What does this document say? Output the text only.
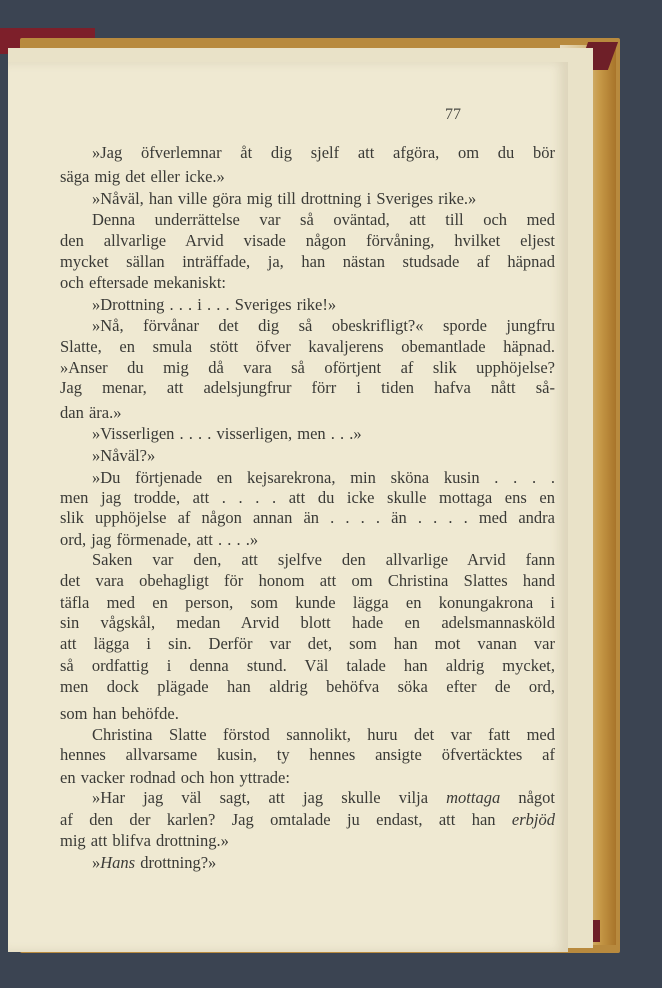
77
»Jag öfverlemnar åt dig sjelf att afgöra, om du bör
säga mig det eller icke.»
»Nåväl, han ville göra mig till drottning i Sveriges rike.»
Denna underrättelse var så oväntad, att till och med
den allvarlige Arvid visade någon förvåning, hvilket eljest
mycket sällan inträffade, ja, han nästan studsade af häpnad
och eftersade mekaniskt:
»Drottning . . . i . . . Sveriges rike!»
»Nå, förvånar det dig så obeskrifligt?« sporde jungfru
Slatte, en smula stött öfver kavaljerens obemantlade häpnad.
»Anser du mig då vara så oförtjent af slik upphöjelse?
Jag menar, att adelsjungfrur förr i tiden hafva nått så-
dan ära.»
»Visserligen . . . . visserligen, men . . .»
»Nåväl?»
»Du förtjenade en kejsarekrona, min sköna kusin . . . .
men jag trodde, att . . . . att du icke skulle mottaga ens en
slik upphöjelse af någon annan än . . . . än . . . . med andra
ord, jag förmenade, att . . . .»
Saken var den, att sjelfve den allvarlige Arvid fann
det vara obehagligt för honom att om Christina Slattes hand
täfla med en person, som kunde lägga en konungakrona i
sin vågskål, medan Arvid blott hade en adelsmannasköld
att lägga i sin. Derför var det, som han mot vanan var
så ordfattig i denna stund. Väl talade han aldrig mycket,
men dock plägade han aldrig behöfva söka efter de ord,
som han behöfde.
Christina Slatte förstod sannolikt, huru det var fatt med
hennes allvarsame kusin, ty hennes ansigte öfvertäcktes af
en vacker rodnad och hon yttrade:
»Har jag väl sagt, att jag skulle vilja mottaga något
af den der karlen? Jag omtalade ju endast, att han erbjöd
mig att blifva drottning.»
»Hans drottning?»
